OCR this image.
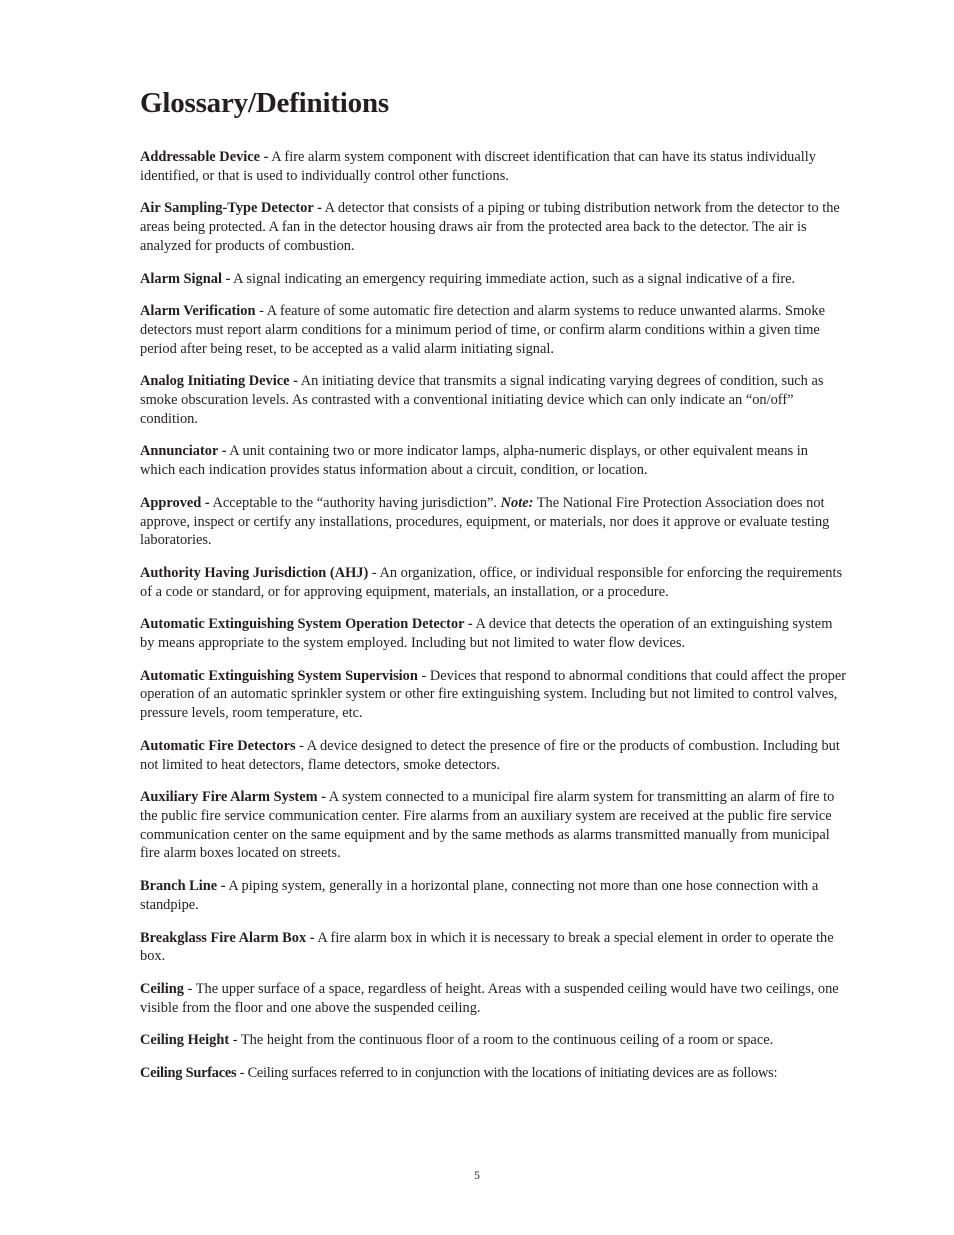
Glossary/Definitions

Addressable Device - A fire alarm system component with discreet identification that can have its status individually identified, or that is used to individually control other functions.

Air Sampling-Type Detector - A detector that consists of a piping or tubing distribution network from the detector to the areas being protected. A fan in the detector housing draws air from the protected area back to the detector. The air is analyzed for products of combustion.

Alarm Signal - A signal indicating an emergency requiring immediate action, such as a signal indicative of a fire.

Alarm Verification - A feature of some automatic fire detection and alarm systems to reduce unwanted alarms. Smoke detectors must report alarm conditions for a minimum period of time, or confirm alarm conditions within a given time period after being reset, to be accepted as a valid alarm initiating signal.

Analog Initiating Device - An initiating device that transmits a signal indicating varying degrees of condition, such as smoke obscuration levels. As contrasted with a conventional initiating device which can only indicate an “on/off” condition.

Annunciator - A unit containing two or more indicator lamps, alpha-numeric displays, or other equivalent means in which each indication provides status information about a circuit, condition, or location.

Approved - Acceptable to the “authority having jurisdiction”. Note: The National Fire Protection Association does not approve, inspect or certify any installations, procedures, equipment, or materials, nor does it approve or evaluate testing laboratories.

Authority Having Jurisdiction (AHJ) - An organization, office, or individual responsible for enforcing the requirements of a code or standard, or for approving equipment, materials, an installation, or a procedure.

Automatic Extinguishing System Operation Detector - A device that detects the operation of an extinguishing system by means appropriate to the system employed. Including but not limited to water flow devices.

Automatic Extinguishing System Supervision - Devices that respond to abnormal conditions that could affect the proper operation of an automatic sprinkler system or other fire extinguishing system. Including but not limited to control valves, pressure levels, room temperature, etc.

Automatic Fire Detectors - A device designed to detect the presence of fire or the products of combustion. Including but not limited to heat detectors, flame detectors, smoke detectors.

Auxiliary Fire Alarm System - A system connected to a municipal fire alarm system for transmitting an alarm of fire to the public fire service communication center. Fire alarms from an auxiliary system are received at the public fire service communication center on the same equipment and by the same methods as alarms transmitted manually from municipal fire alarm boxes located on streets.

Branch Line - A piping system, generally in a horizontal plane, connecting not more than one hose connection with a standpipe.

Breakglass Fire Alarm Box - A fire alarm box in which it is necessary to break a special element in order to operate the box.

Ceiling - The upper surface of a space, regardless of height. Areas with a suspended ceiling would have two ceilings, one visible from the floor and one above the suspended ceiling.

Ceiling Height - The height from the continuous floor of a room to the continuous ceiling of a room or space.

Ceiling Surfaces - Ceiling surfaces referred to in conjunction with the locations of initiating devices are as follows:

5
